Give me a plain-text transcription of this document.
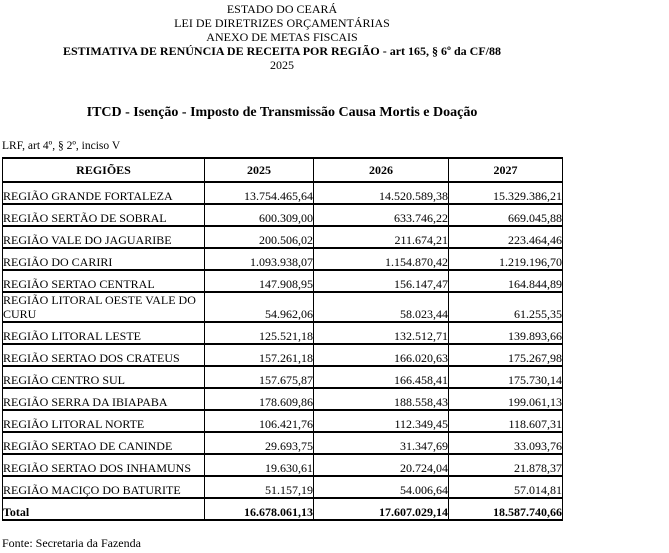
ESTADO DO CEARÁ
LEI DE DIRETRIZES ORÇAMENTÁRIAS
ANEXO DE METAS FISCAIS
ESTIMATIVA DE RENÚNCIA DE RECEITA POR REGIÃO - art 165, § 6º da CF/88
2025
ITCD - Isenção - Imposto de Transmissão Causa Mortis e Doação
LRF, art 4º, § 2º, inciso V
REGIÕES	2025	2026	2027
REGIÃO GRANDE FORTALEZA	13.754.465,64	14.520.589,38	15.329.386,21
REGIÃO SERTÃO DE SOBRAL	600.309,00	633.746,22	669.045,88
REGIÃO VALE DO JAGUARIBE	200.506,02	211.674,21	223.464,46
REGIÃO DO CARIRI	1.093.938,07	1.154.870,42	1.219.196,70
REGIÃO SERTAO CENTRAL	147.908,95	156.147,47	164.844,89
REGIÃO LITORAL OESTE VALE DO CURU	54.962,06	58.023,44	61.255,35
REGIÃO LITORAL LESTE	125.521,18	132.512,71	139.893,66
REGIÃO SERTAO DOS CRATEUS	157.261,18	166.020,63	175.267,98
REGIÃO CENTRO SUL	157.675,87	166.458,41	175.730,14
REGIÃO SERRA DA IBIAPABA	178.609,86	188.558,43	199.061,13
REGIÃO LITORAL NORTE	106.421,76	112.349,45	118.607,31
REGIÃO SERTAO DE CANINDE	29.693,75	31.347,69	33.093,76
REGIÃO SERTAO DOS INHAMUNS	19.630,61	20.724,04	21.878,37
REGIÃO MACIÇO DO BATURITE	51.157,19	54.006,64	57.014,81
Total	16.678.061,13	17.607.029,14	18.587.740,66
Fonte: Secretaria da Fazenda
